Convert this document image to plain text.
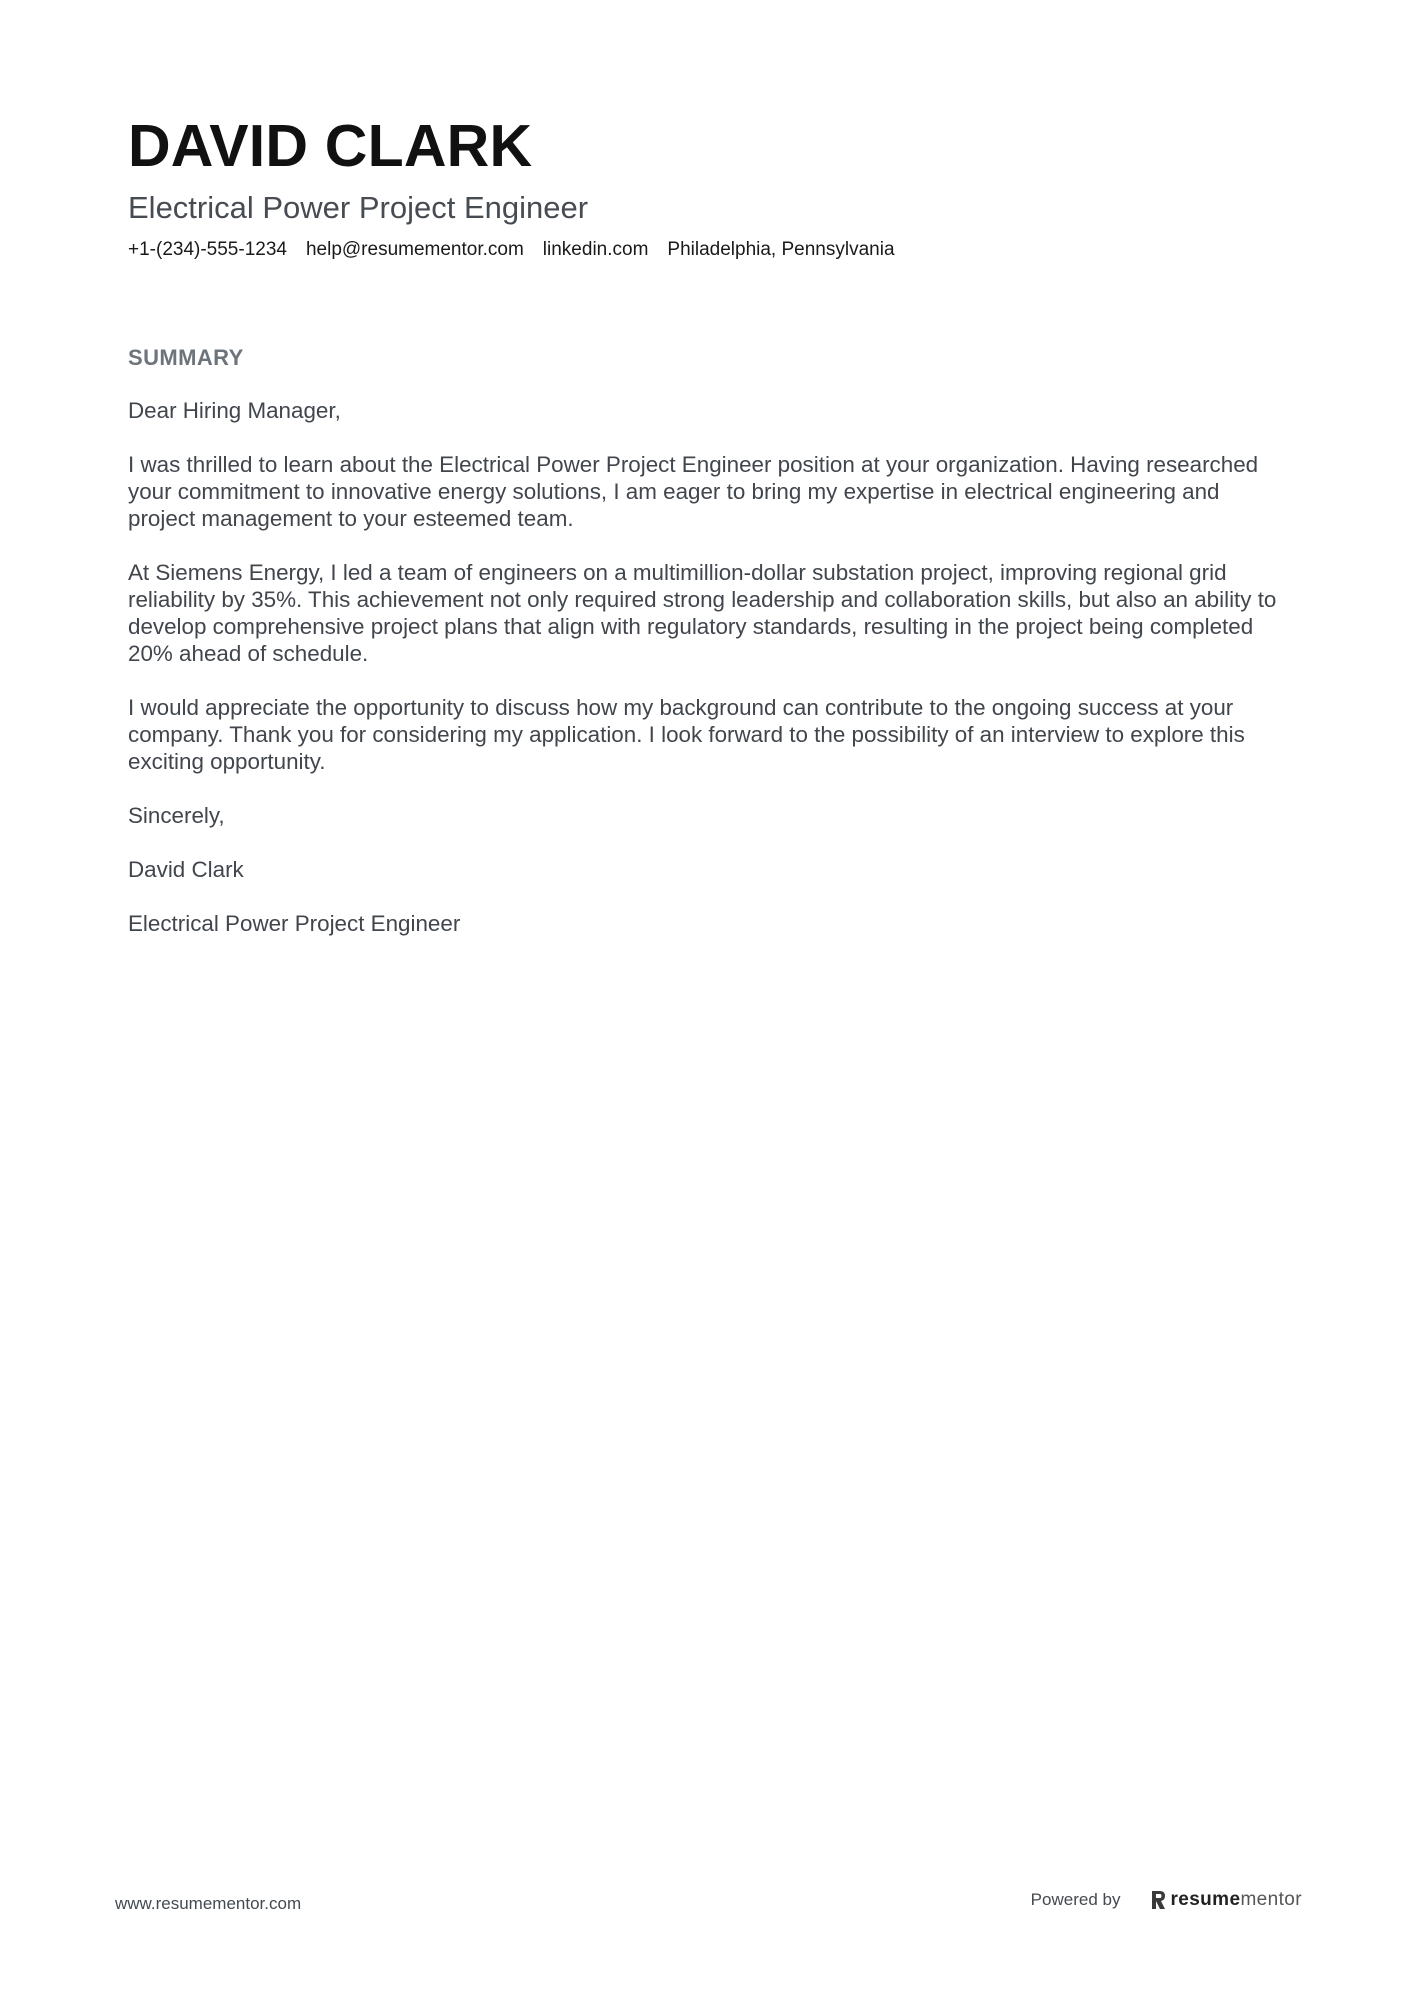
DAVID CLARK
Electrical Power Project Engineer
+1-(234)-555-1234 help@resumementor.com linkedin.com Philadelphia, Pennsylvania
SUMMARY

Dear Hiring Manager,

I was thrilled to learn about the Electrical Power Project Engineer position at your organization. Having researched your commitment to innovative energy solutions, I am eager to bring my expertise in electrical engineering and project management to your esteemed team.

At Siemens Energy, I led a team of engineers on a multimillion-dollar substation project, improving regional grid reliability by 35%. This achievement not only required strong leadership and collaboration skills, but also an ability to develop comprehensive project plans that align with regulatory standards, resulting in the project being completed 20% ahead of schedule.

I would appreciate the opportunity to discuss how my background can contribute to the ongoing success at your company. Thank you for considering my application. I look forward to the possibility of an interview to explore this exciting opportunity.

Sincerely,

David Clark

Electrical Power Project Engineer

www.resumementor.com	Powered by	resumementor
